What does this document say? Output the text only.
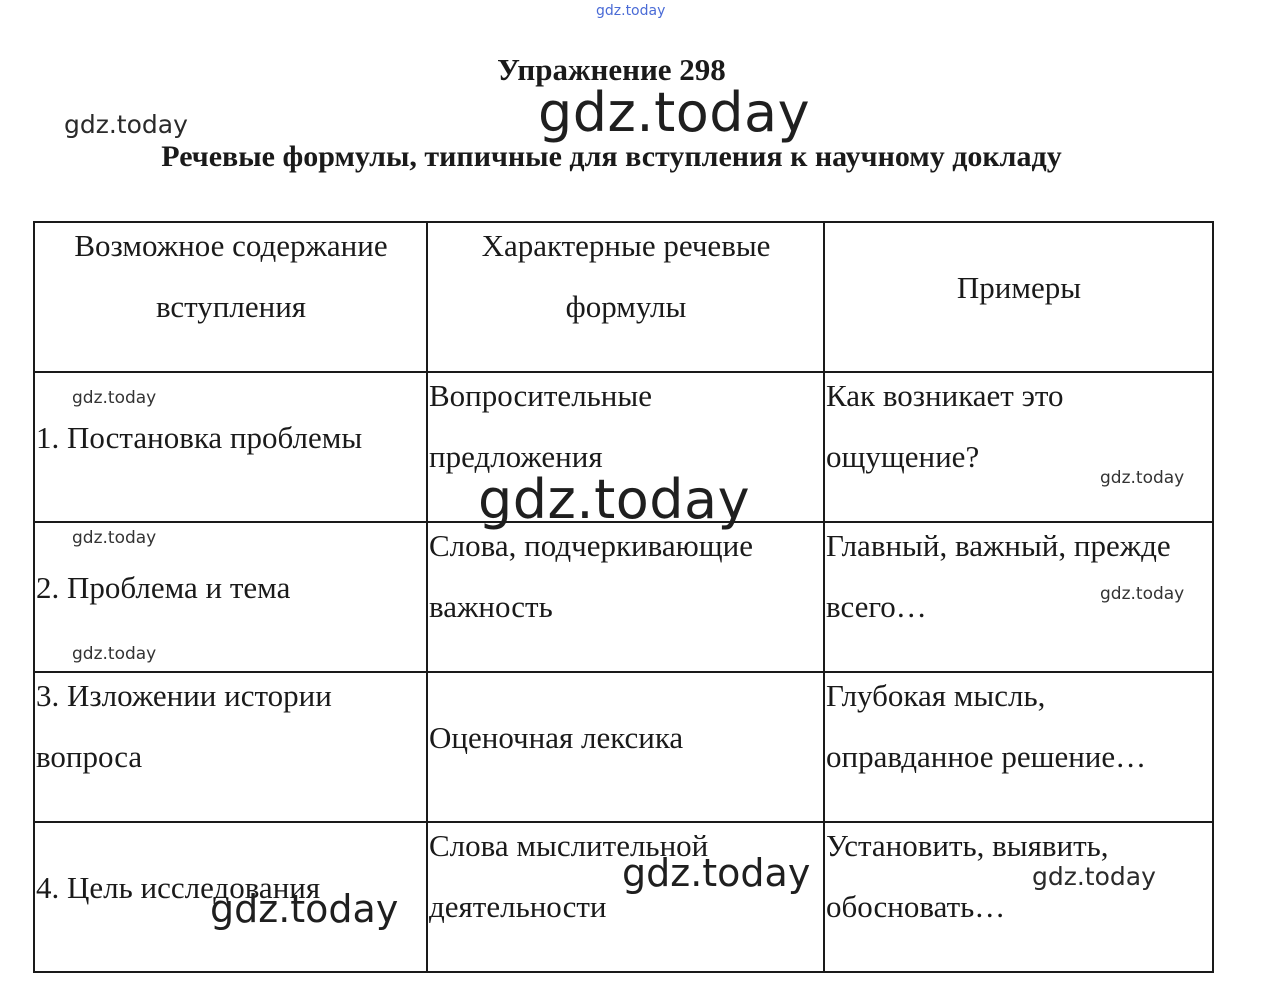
gdz.today
gdz.today
gdz.today
Упражнение 298
Речевые формулы, типичные для вступления к научному докладу
Возможное содержание вступления	Характерные речевые формулы	Примеры

1. Постановка проблемы	Вопросительные предложения	Как возникает это ощущение?

2. Проблема и тема	Слова, подчеркивающие важность	Главный, важный, прежде всего…

3. Изложении истории вопроса	Оценочная лексика	Глубокая мысль, оправданное решение…

4. Цель исследования	Слова мыслительной деятельности	Установить, выявить, обосновать…
gdz.today
gdz.today	gdz.today
gdz.today
gdz.today
gdz.today
gdz.today	gdz.today
gdz.today
